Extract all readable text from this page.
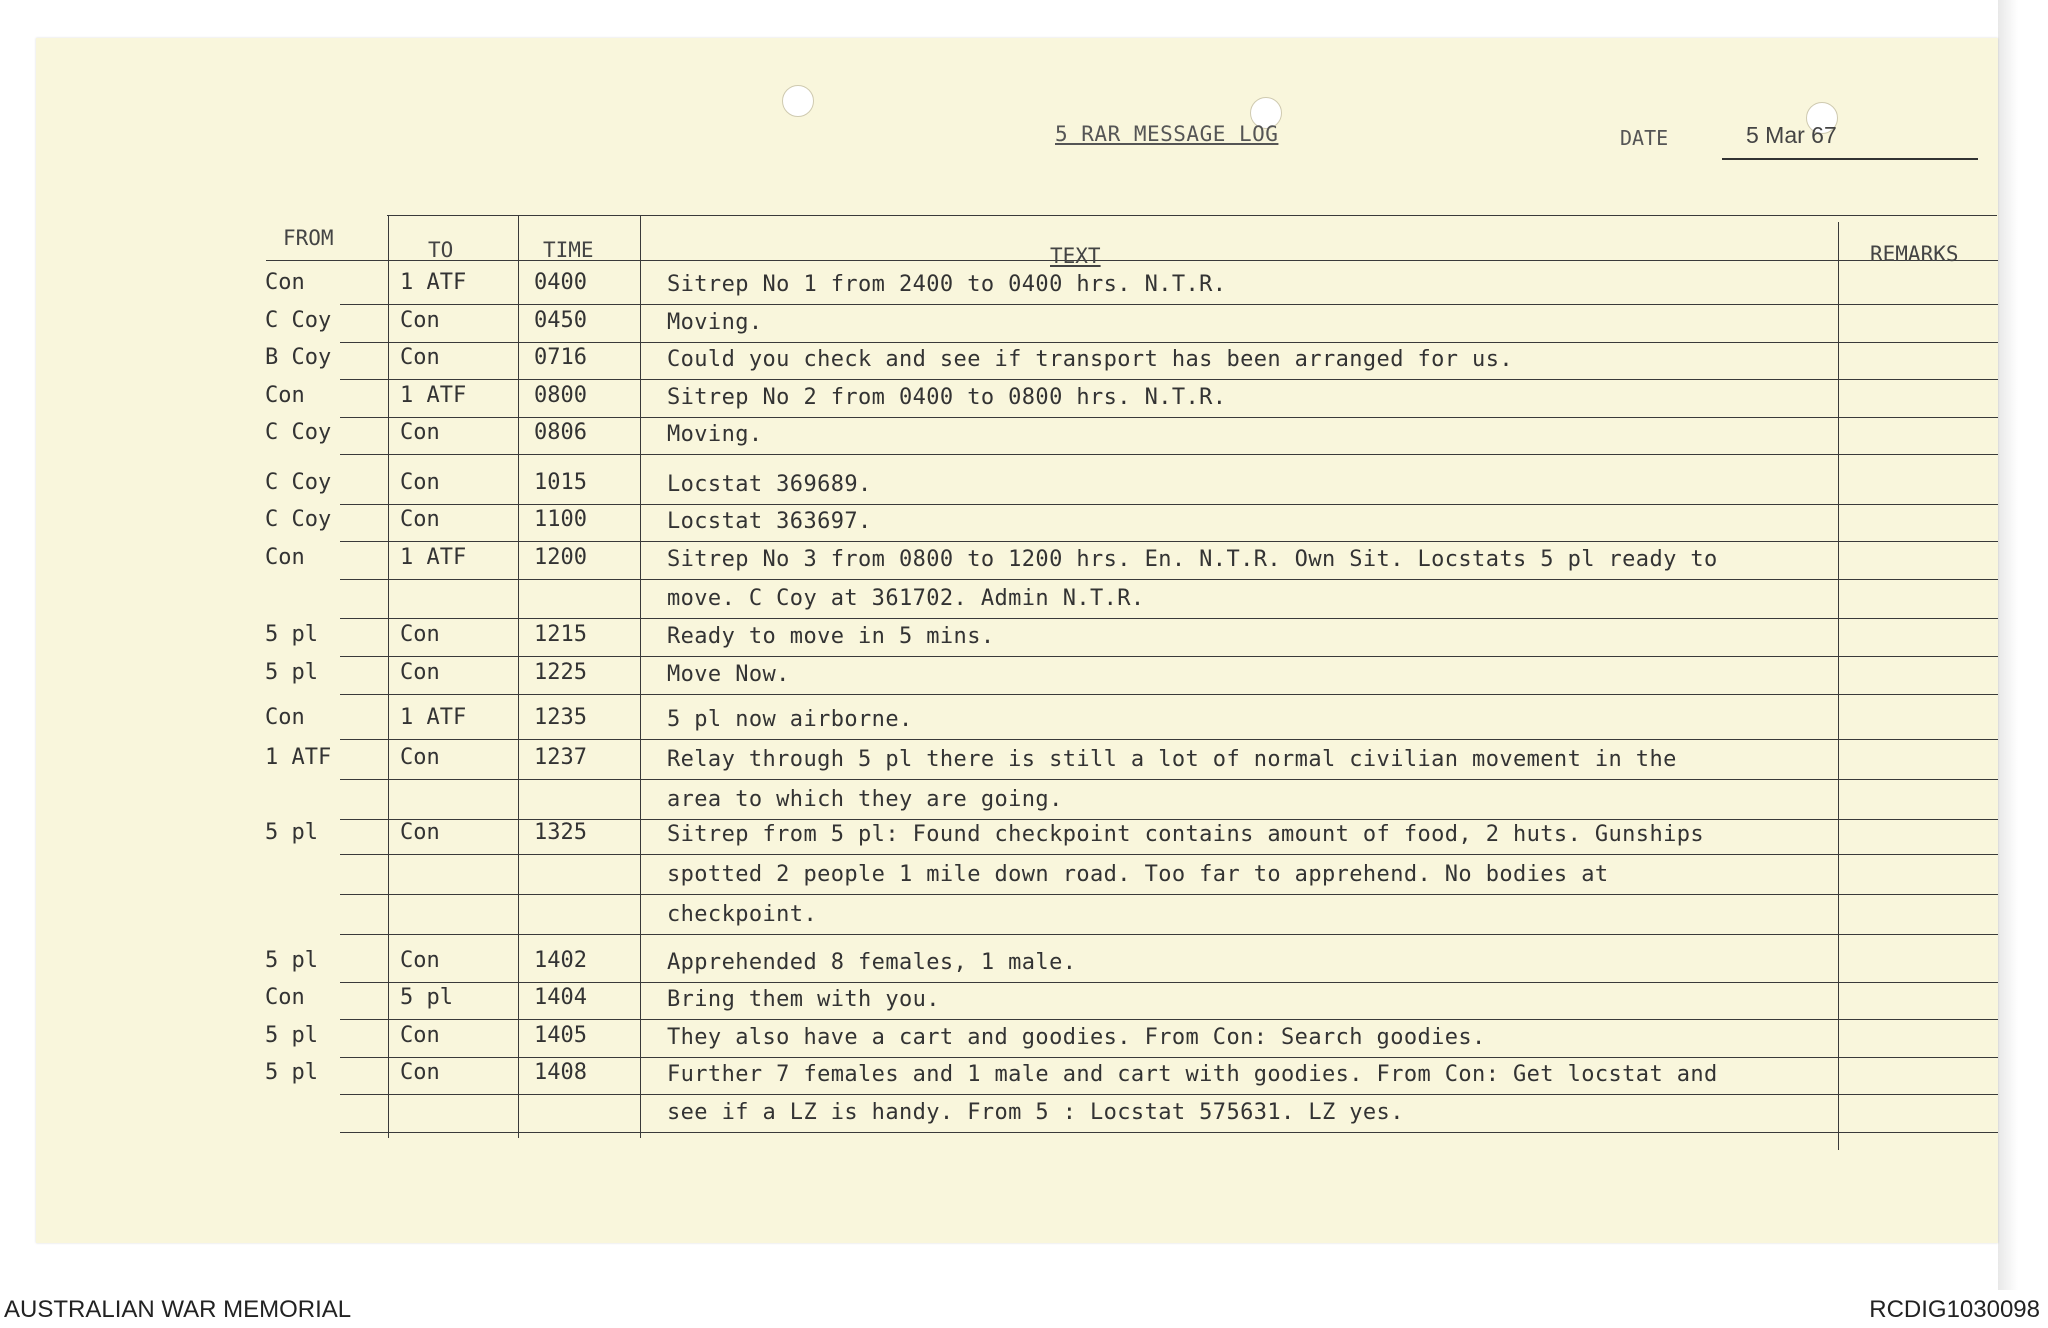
5 RAR MESSAGE LOG	DATE	5 Mar 67
FROM	TO	TIME	TEXT	REMARKS
Con	1 ATF	0400	Sitrep No 1 from 2400 to 0400 hrs. N.T.R.
C Coy	Con	0450	Moving.
B Coy	Con	0716	Could you check and see if transport has been arranged for us.
Con	1 ATF	0800	Sitrep No 2 from 0400 to 0800 hrs. N.T.R.
C Coy	Con	0806	Moving.
C Coy	Con	1015	Locstat 369689.
C Coy	Con	1100	Locstat 363697.
Con	1 ATF	1200	Sitrep No 3 from 0800 to 1200 hrs. En. N.T.R. Own Sit. Locstats 5 pl ready to
move. C Coy at 361702. Admin N.T.R.
5 pl	Con	1215	Ready to move in 5 mins.
5 pl	Con	1225	Move Now.
Con	1 ATF	1235	5 pl now airborne.
1 ATF	Con	1237	Relay through 5 pl there is still a lot of normal civilian movement in the
area to which they are going.
5 pl	Con	1325	Sitrep from 5 pl: Found checkpoint contains amount of food, 2 huts. Gunships
spotted 2 people 1 mile down road. Too far to apprehend. No bodies at
checkpoint.
5 pl	Con	1402	Apprehended 8 females, 1 male.
Con	5 pl	1404	Bring them with you.
5 pl	Con	1405	They also have a cart and goodies. From Con: Search goodies.
5 pl	Con	1408	Further 7 females and 1 male and cart with goodies. From Con: Get locstat and
see if a LZ is handy. From 5 : Locstat 575631. LZ yes.
AUSTRALIAN WAR MEMORIAL	RCDIG1030098
